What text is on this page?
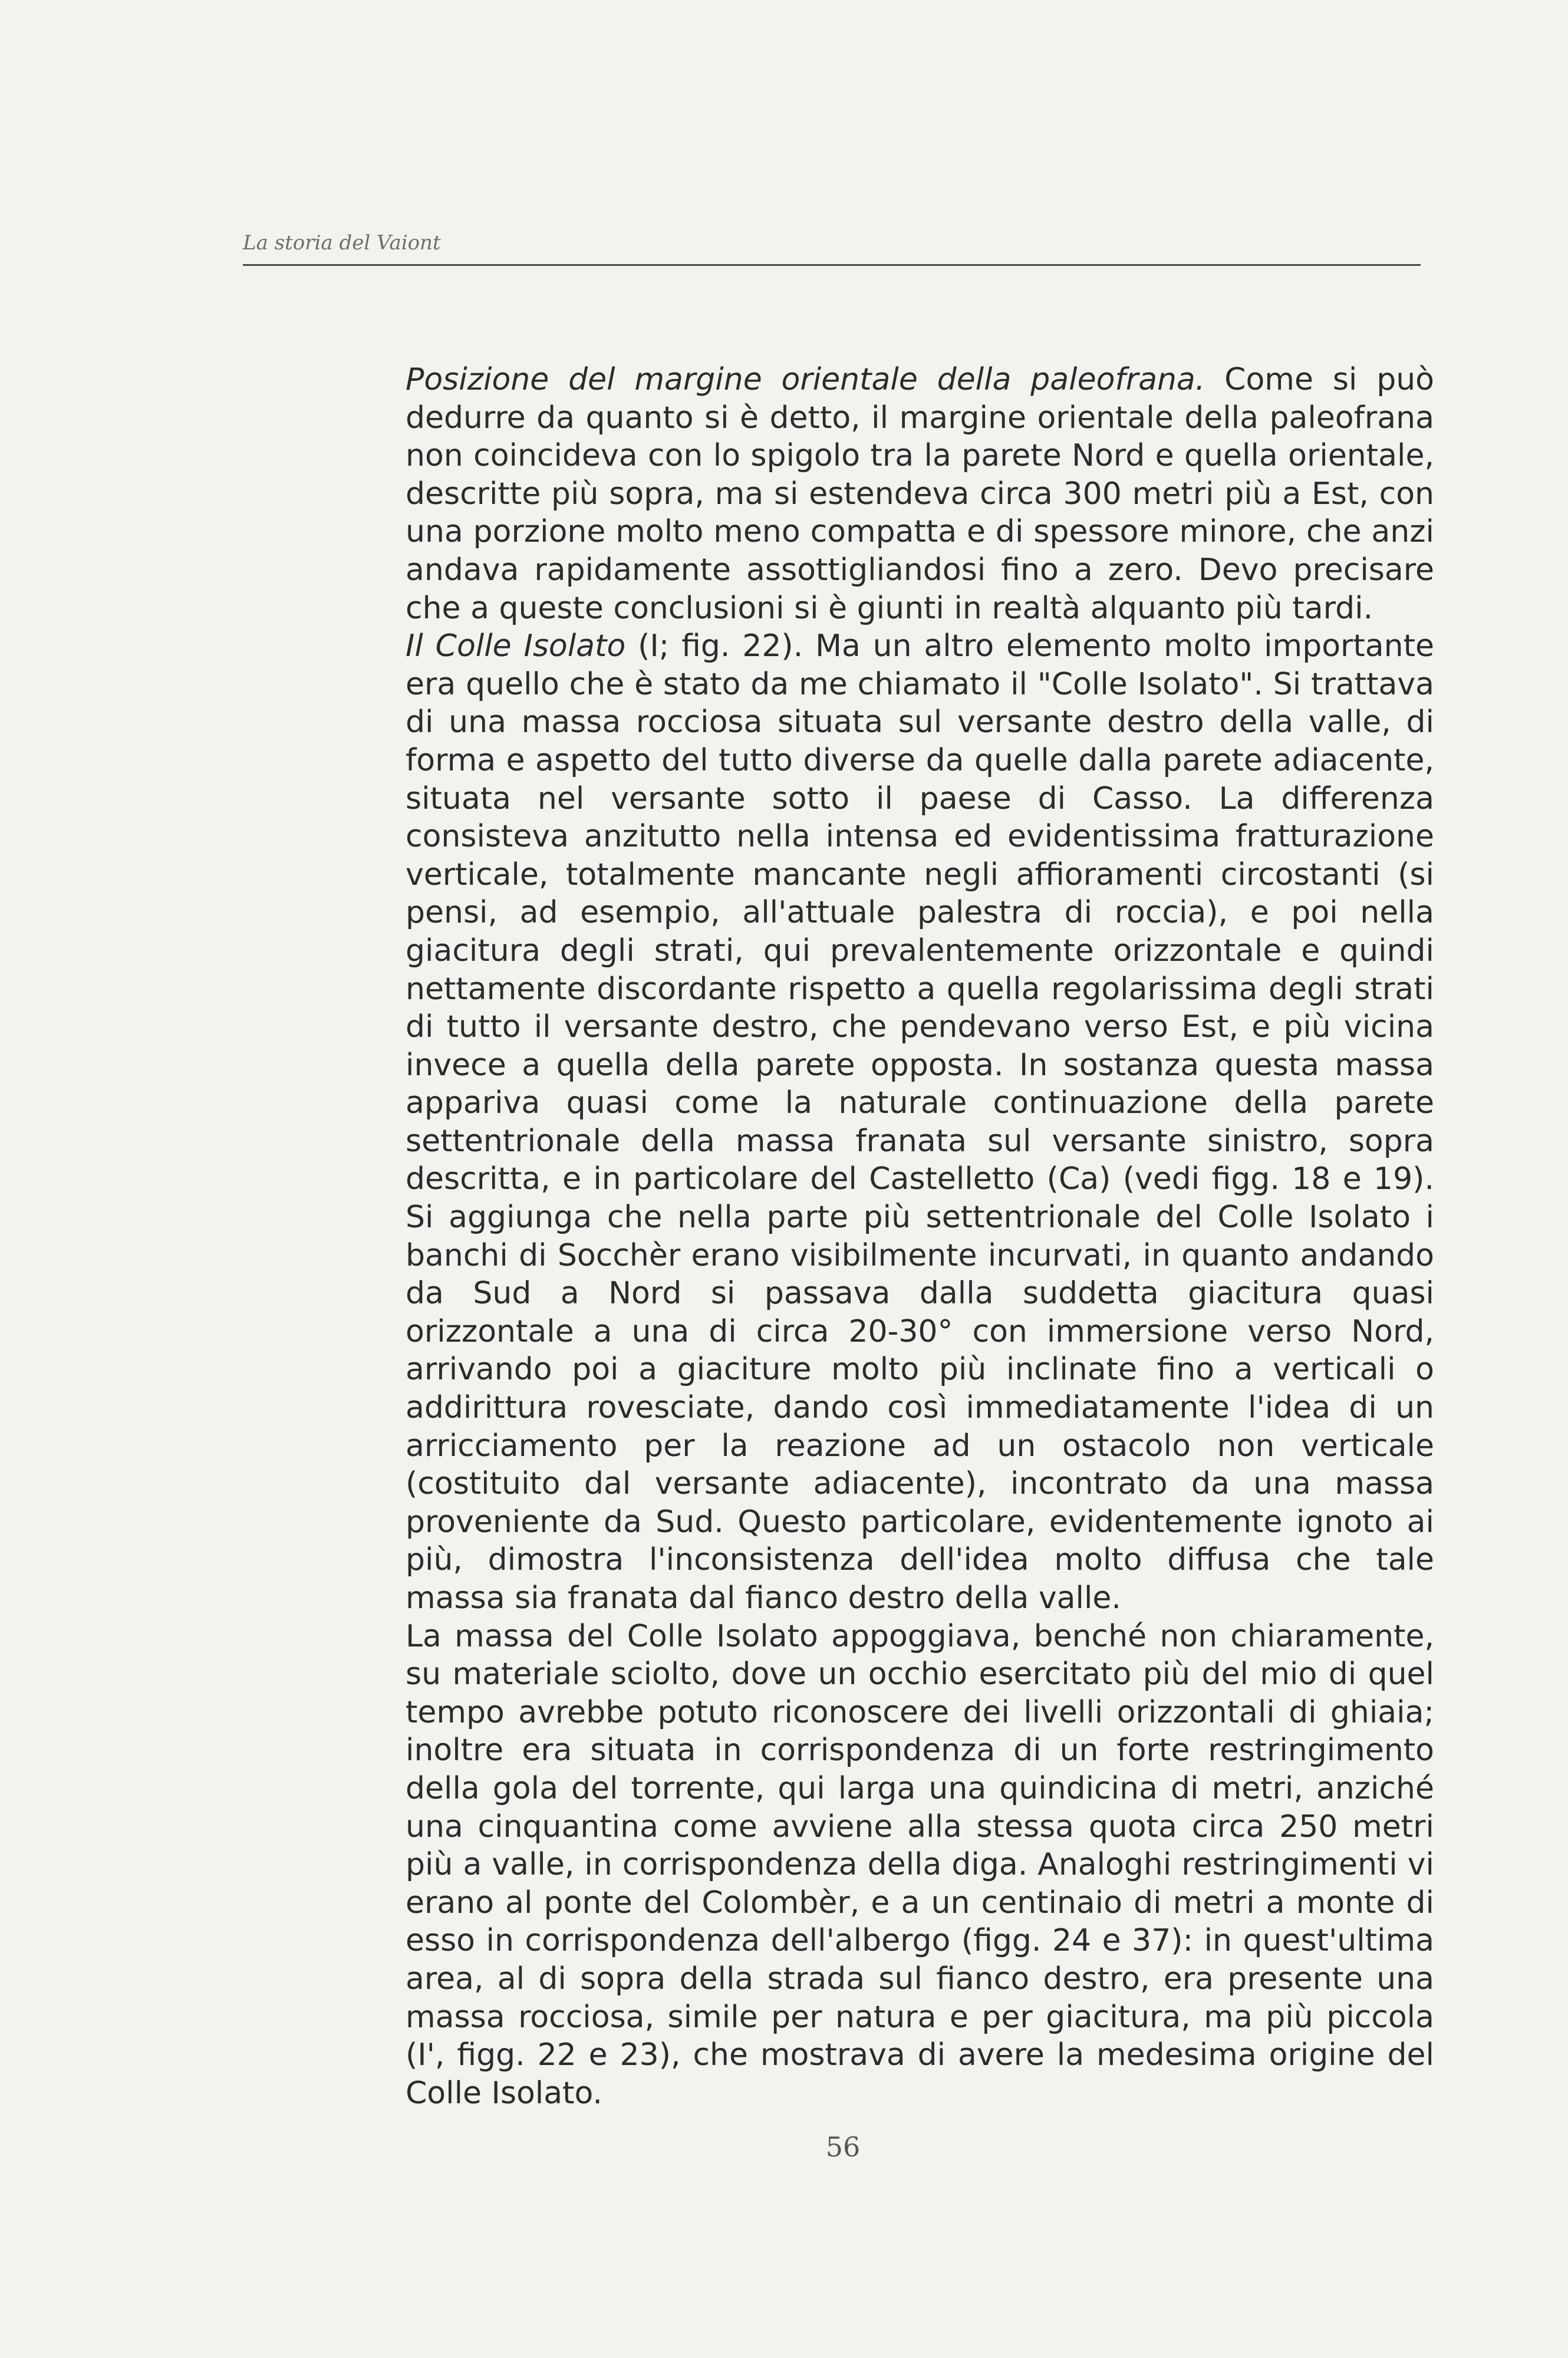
La storia del Vaiont

Posizione del margine orientale della paleofrana. Come si può dedurre da quanto si è detto, il margine orientale della paleofrana non coincideva con lo spigolo tra la parete Nord e quella orientale, descritte più sopra, ma si estendeva circa 300 metri più a Est, con una porzione molto meno compatta e di spessore minore, che anzi andava rapidamente assottigliandosi fino a zero. Devo precisare che a queste conclusioni si è giunti in realtà alquanto più tardi.

Il Colle Isolato (I; fig. 22). Ma un altro elemento molto importante era quello che è stato da me chiamato il "Colle Isolato". Si trattava di una massa rocciosa situata sul versante destro della valle, di forma e aspetto del tutto diverse da quelle dalla parete adiacente, situata nel versante sotto il paese di Casso. La differenza consisteva anzitutto nella intensa ed evidentissima fratturazione verticale, totalmente mancante negli affioramenti circostanti (si pensi, ad esempio, all'attuale palestra di roccia), e poi nella giacitura degli strati, qui prevalentemente orizzontale e quindi nettamente discordante rispetto a quella regolarissima degli strati di tutto il versante destro, che pendevano verso Est, e più vicina invece a quella della parete opposta. In sostanza questa massa appariva quasi come la naturale continuazione della parete settentrionale della massa franata sul versante sinistro, sopra descritta, e in particolare del Castelletto (Ca) (vedi figg. 18 e 19). Si aggiunga che nella parte più settentrionale del Colle Isolato i banchi di Socchèr erano visibilmente incurvati, in quanto andando da Sud a Nord si passava dalla suddetta giacitura quasi orizzontale a una di circa 20-30° con immersione verso Nord, arrivando poi a giaciture molto più inclinate fino a verticali o addirittura rovesciate, dando così immediatamente l'idea di un arricciamento per la reazione ad un ostacolo non verticale (costituito dal versante adiacente), incontrato da una massa proveniente da Sud. Questo particolare, evidentemente ignoto ai più, dimostra l'inconsistenza dell'idea molto diffusa che tale massa sia franata dal fianco destro della valle.

La massa del Colle Isolato appoggiava, benché non chiaramente, su materiale sciolto, dove un occhio esercitato più del mio di quel tempo avrebbe potuto riconoscere dei livelli orizzontali di ghiaia; inoltre era situata in corrispondenza di un forte restringimento della gola del torrente, qui larga una quindicina di metri, anziché una cinquantina come avviene alla stessa quota circa 250 metri più a valle, in corrispondenza della diga. Analoghi restringimenti vi erano al ponte del Colombèr, e a un centinaio di metri a monte di esso in corrispondenza dell'albergo (figg. 24 e 37): in quest'ultima area, al di sopra della strada sul fianco destro, era presente una massa rocciosa, simile per natura e per giacitura, ma più piccola (I', figg. 22 e 23), che mostrava di avere la medesima origine del Colle Isolato.

56
